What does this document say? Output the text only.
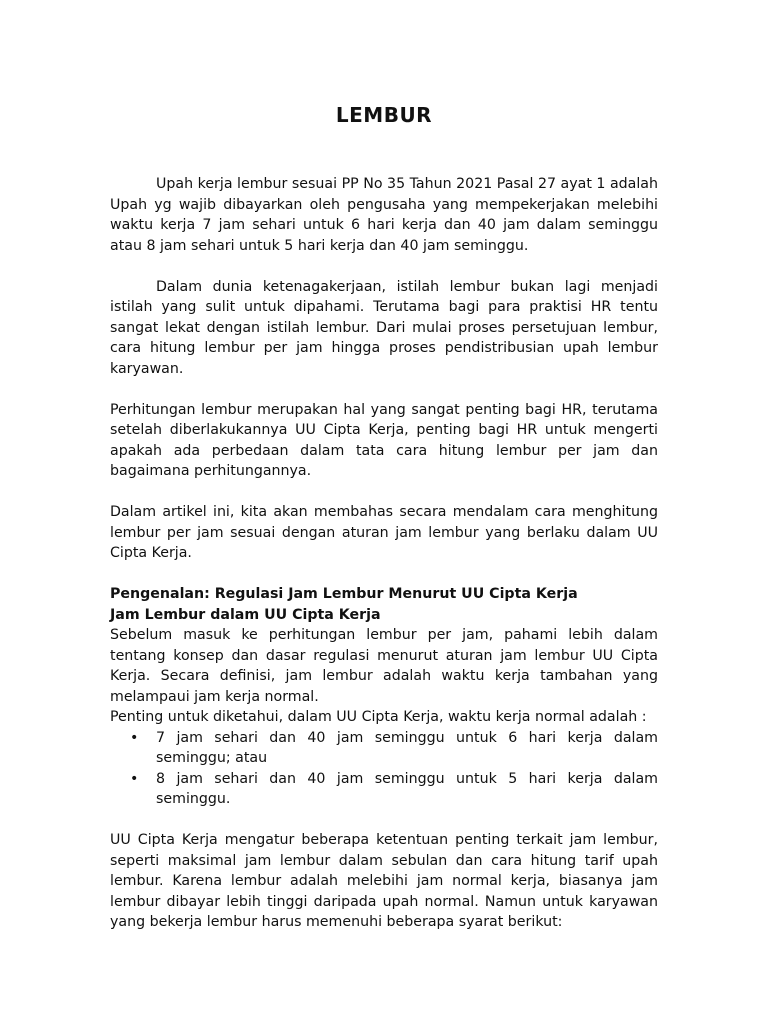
LEMBUR

Upah kerja lembur sesuai PP No 35 Tahun 2021 Pasal 27 ayat 1 adalah Upah yg wajib dibayarkan oleh pengusaha yang mempekerjakan melebihi waktu kerja 7 jam sehari untuk 6 hari kerja dan 40 jam dalam seminggu atau 8 jam sehari untuk 5 hari kerja dan 40 jam seminggu.

Dalam dunia ketenagakerjaan, istilah lembur bukan lagi menjadi istilah yang sulit untuk dipahami. Terutama bagi para praktisi HR tentu sangat lekat dengan istilah lembur. Dari mulai proses persetujuan lembur, cara hitung lembur per jam hingga proses pendistribusian upah lembur karyawan.

Perhitungan lembur merupakan hal yang sangat penting bagi HR, terutama setelah diberlakukannya UU Cipta Kerja, penting bagi HR untuk mengerti apakah ada perbedaan dalam tata cara hitung lembur per jam dan bagaimana perhitungannya.

Dalam artikel ini, kita akan membahas secara mendalam cara menghitung lembur per jam sesuai dengan aturan jam lembur yang berlaku dalam UU Cipta Kerja.

Pengenalan: Regulasi Jam Lembur Menurut UU Cipta Kerja

Jam Lembur dalam UU Cipta Kerja

Sebelum masuk ke perhitungan lembur per jam, pahami lebih dalam tentang konsep dan dasar regulasi menurut aturan jam lembur UU Cipta Kerja. Secara definisi, jam lembur adalah waktu kerja tambahan yang melampaui jam kerja normal.

Penting untuk diketahui, dalam UU Cipta Kerja, waktu kerja normal adalah :

• 7 jam sehari dan 40 jam seminggu untuk 6 hari kerja dalam seminggu; atau
• 8 jam sehari dan 40 jam seminggu untuk 5 hari kerja dalam seminggu.

UU Cipta Kerja mengatur beberapa ketentuan penting terkait jam lembur, seperti maksimal jam lembur dalam sebulan dan cara hitung tarif upah lembur. Karena lembur adalah melebihi jam normal kerja, biasanya jam lembur dibayar lebih tinggi daripada upah normal. Namun untuk karyawan yang bekerja lembur harus memenuhi beberapa syarat berikut:
